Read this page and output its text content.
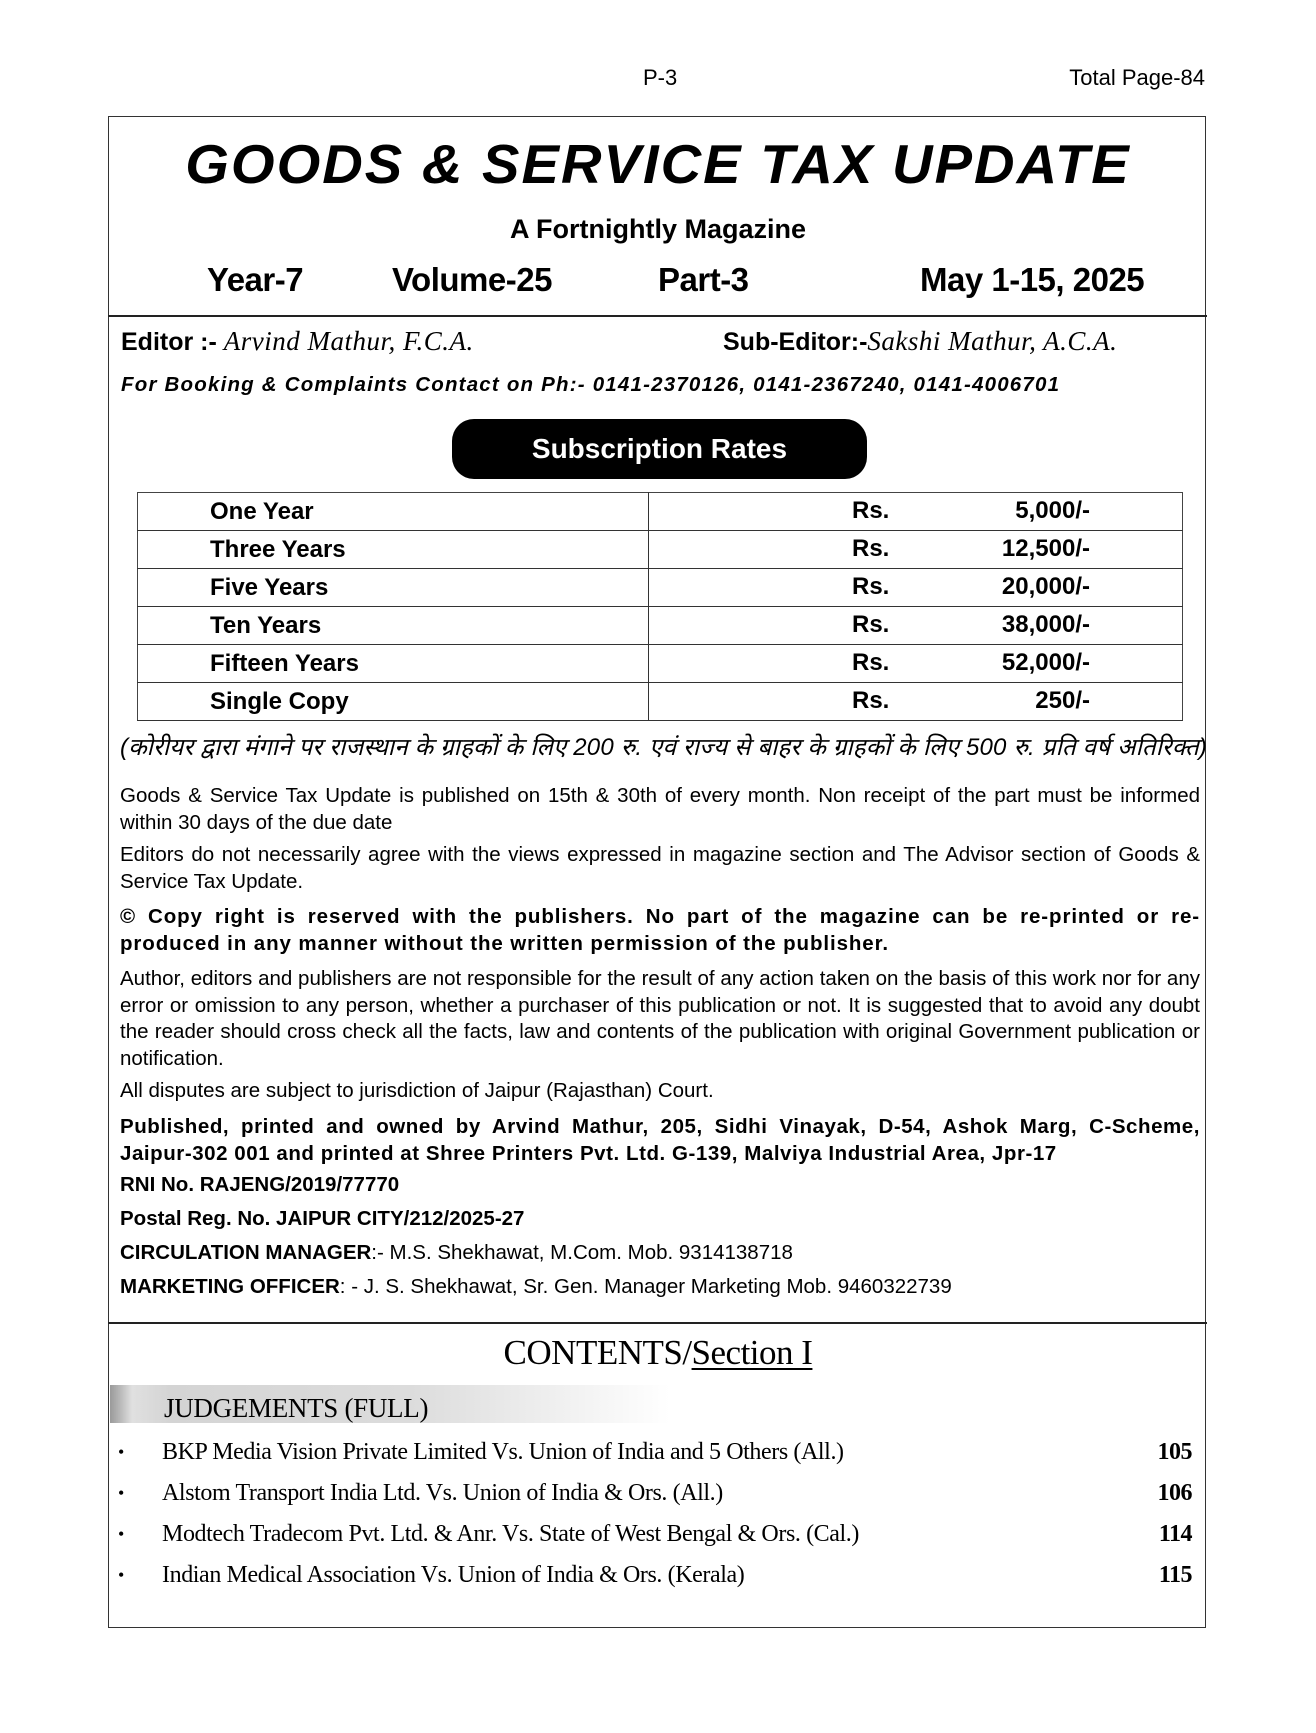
P-3	Total Page-84
GOODS & SERVICE TAX UPDATE
A Fortnightly Magazine
Year-7	Volume-25	Part-3	May 1-15, 2025
Editor :- Arvind Mathur, F.C.A.	Sub-Editor:-Sakshi Mathur, A.C.A.
For Booking & Complaints Contact on Ph:- 0141-2370126, 0141-2367240, 0141-4006701
Subscription Rates
One Year	Rs. 5,000/-

Three Years	Rs. 12,500/-

Five Years	Rs. 20,000/-

Ten Years	Rs. 38,000/-

Fifteen Years	Rs. 52,000/-

Single Copy	Rs. 250/-
(कोरीयर द्वारा मंगाने पर राजस्थान के ग्राहकों के लिए 200 रु. एवं राज्य से बाहर के ग्राहकों के लिए 500 रु. प्रति वर्ष अतिरिक्त)
Goods & Service Tax Update is published on 15th & 30th of every month. Non receipt of the part must be informed within 30 days of the due date
Editors do not necessarily agree with the views expressed in magazine section and The Advisor section of Goods & Service Tax Update.
© Copy right is reserved with the publishers. No part of the magazine can be re-printed or re-produced in any manner without the written permission of the publisher.
Author, editors and publishers are not responsible for the result of any action taken on the basis of this work nor for any error or omission to any person, whether a purchaser of this publication or not. It is suggested that to avoid any doubt the reader should cross check all the facts, law and contents of the publication with original Government publication or notification.
All disputes are subject to jurisdiction of Jaipur (Rajasthan) Court.
Published, printed and owned by Arvind Mathur, 205, Sidhi Vinayak, D-54, Ashok Marg, C-Scheme, Jaipur-302 001 and printed at Shree Printers Pvt. Ltd. G-139, Malviya Industrial Area, Jpr-17
RNI No. RAJENG/2019/77770
Postal Reg. No. JAIPUR CITY/212/2025-27
CIRCULATION MANAGER:- M.S. Shekhawat, M.Com. Mob. 9314138718
MARKETING OFFICER: - J. S. Shekhawat, Sr. Gen. Manager Marketing Mob. 9460322739
CONTENTS/Section I
JUDGEMENTS (FULL)
• BKP Media Vision Private Limited Vs. Union of India and 5 Others (All.)	105
• Alstom Transport India Ltd. Vs. Union of India & Ors. (All.)	106
• Modtech Tradecom Pvt. Ltd. & Anr. Vs. State of West Bengal & Ors. (Cal.)	114
• Indian Medical Association Vs. Union of India & Ors. (Kerala)	115
